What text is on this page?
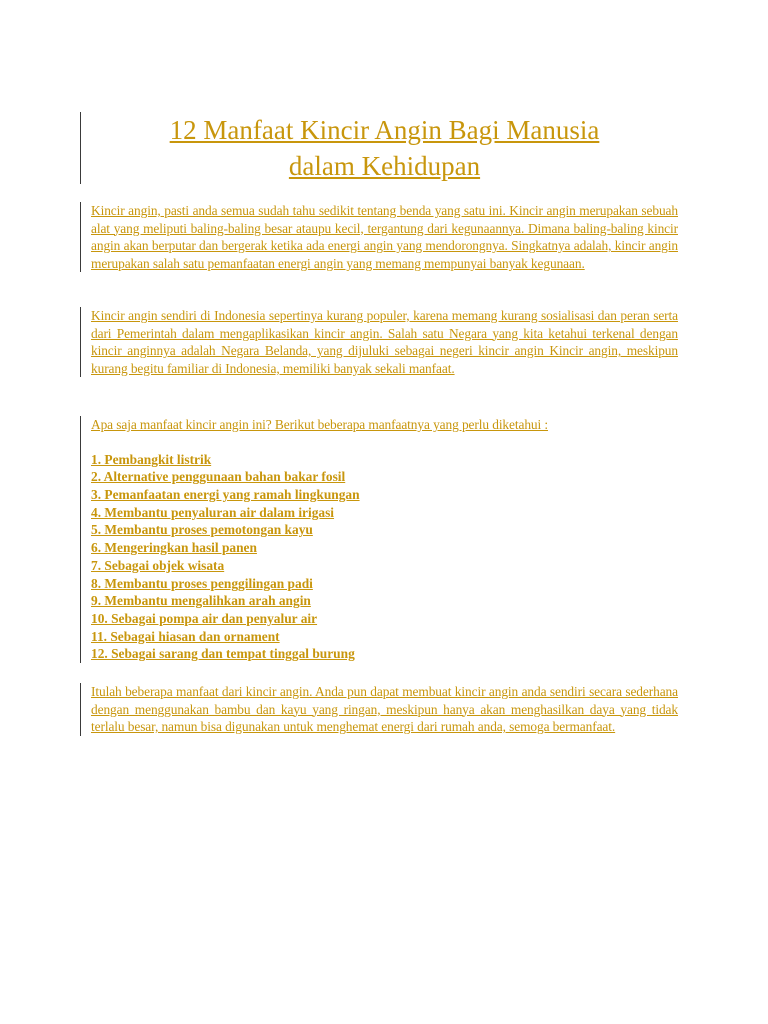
12 Manfaat Kincir Angin Bagi Manusia
dalam Kehidupan

Kincir angin, pasti anda semua sudah tahu sedikit tentang benda yang satu ini. Kincir angin merupakan sebuah alat yang meliputi baling-baling besar ataupu kecil, tergantung dari kegunaannya. Dimana baling-baling kincir angin akan berputar dan bergerak ketika ada energi angin yang mendorongnya. Singkatnya adalah, kincir angin merupakan salah satu pemanfaatan energi angin yang memang mempunyai banyak kegunaan.

Kincir angin sendiri di Indonesia sepertinya kurang populer, karena memang kurang sosialisasi dan peran serta dari Pemerintah dalam mengaplikasikan kincir angin. Salah satu Negara yang kita ketahui terkenal dengan kincir anginnya adalah Negara Belanda, yang dijuluki sebagai negeri kincir angin Kincir angin, meskipun kurang begitu familiar di Indonesia, memiliki banyak sekali manfaat.

Apa saja manfaat kincir angin ini? Berikut beberapa manfaatnya yang perlu diketahui :

1. Pembangkit listrik
2. Alternative penggunaan bahan bakar fosil
3. Pemanfaatan energi yang ramah lingkungan
4. Membantu penyaluran air dalam irigasi
5. Membantu proses pemotongan kayu
6. Mengeringkan hasil panen
7. Sebagai objek wisata
8. Membantu proses penggilingan padi
9. Membantu mengalihkan arah angin
10. Sebagai pompa air dan penyalur air
11. Sebagai hiasan dan ornament
12. Sebagai sarang dan tempat tinggal burung

Itulah beberapa manfaat dari kincir angin. Anda pun dapat membuat kincir angin anda sendiri secara sederhana dengan menggunakan bambu dan kayu yang ringan, meskipun hanya akan menghasilkan daya yang tidak terlalu besar, namun bisa digunakan untuk menghemat energi dari rumah anda, semoga bermanfaat.
